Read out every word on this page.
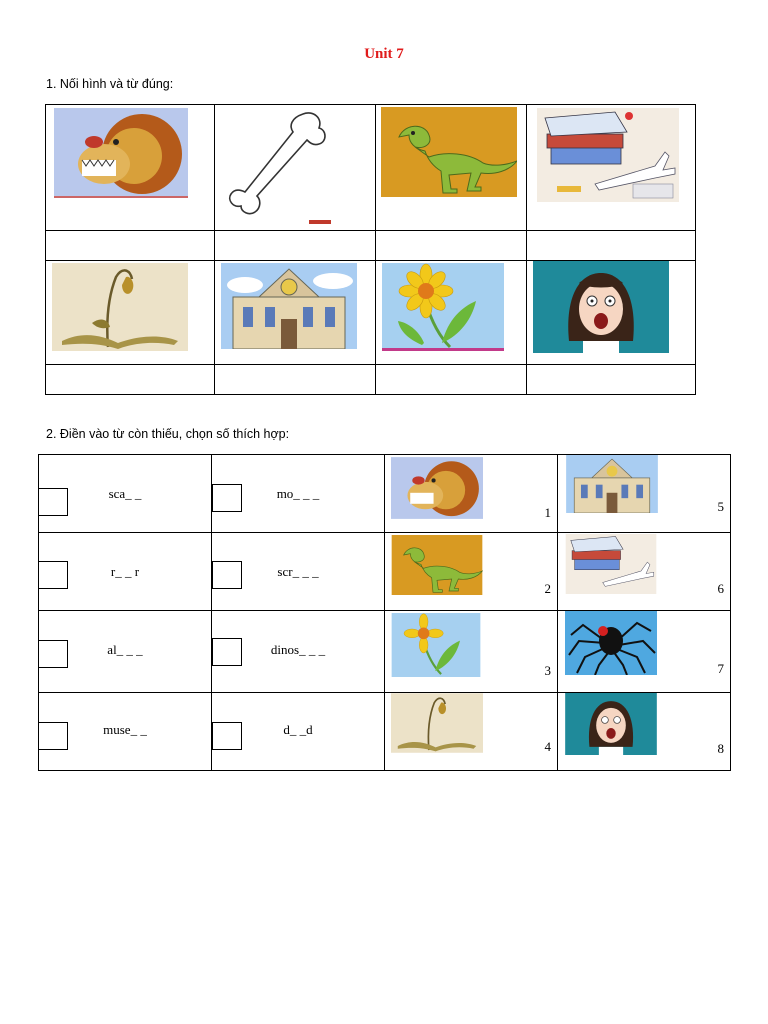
Unit 7
1. Nối hình và từ đúng:

2. Điền vào từ còn thiếu, chọn số thích hợp:
sca_ _	mo_ _ _	1	5

r_ _ r	scr_ _ _	2	6

al_ _ _	dinos_ _ _	3	7

muse_ _	d_ _d	4	8
